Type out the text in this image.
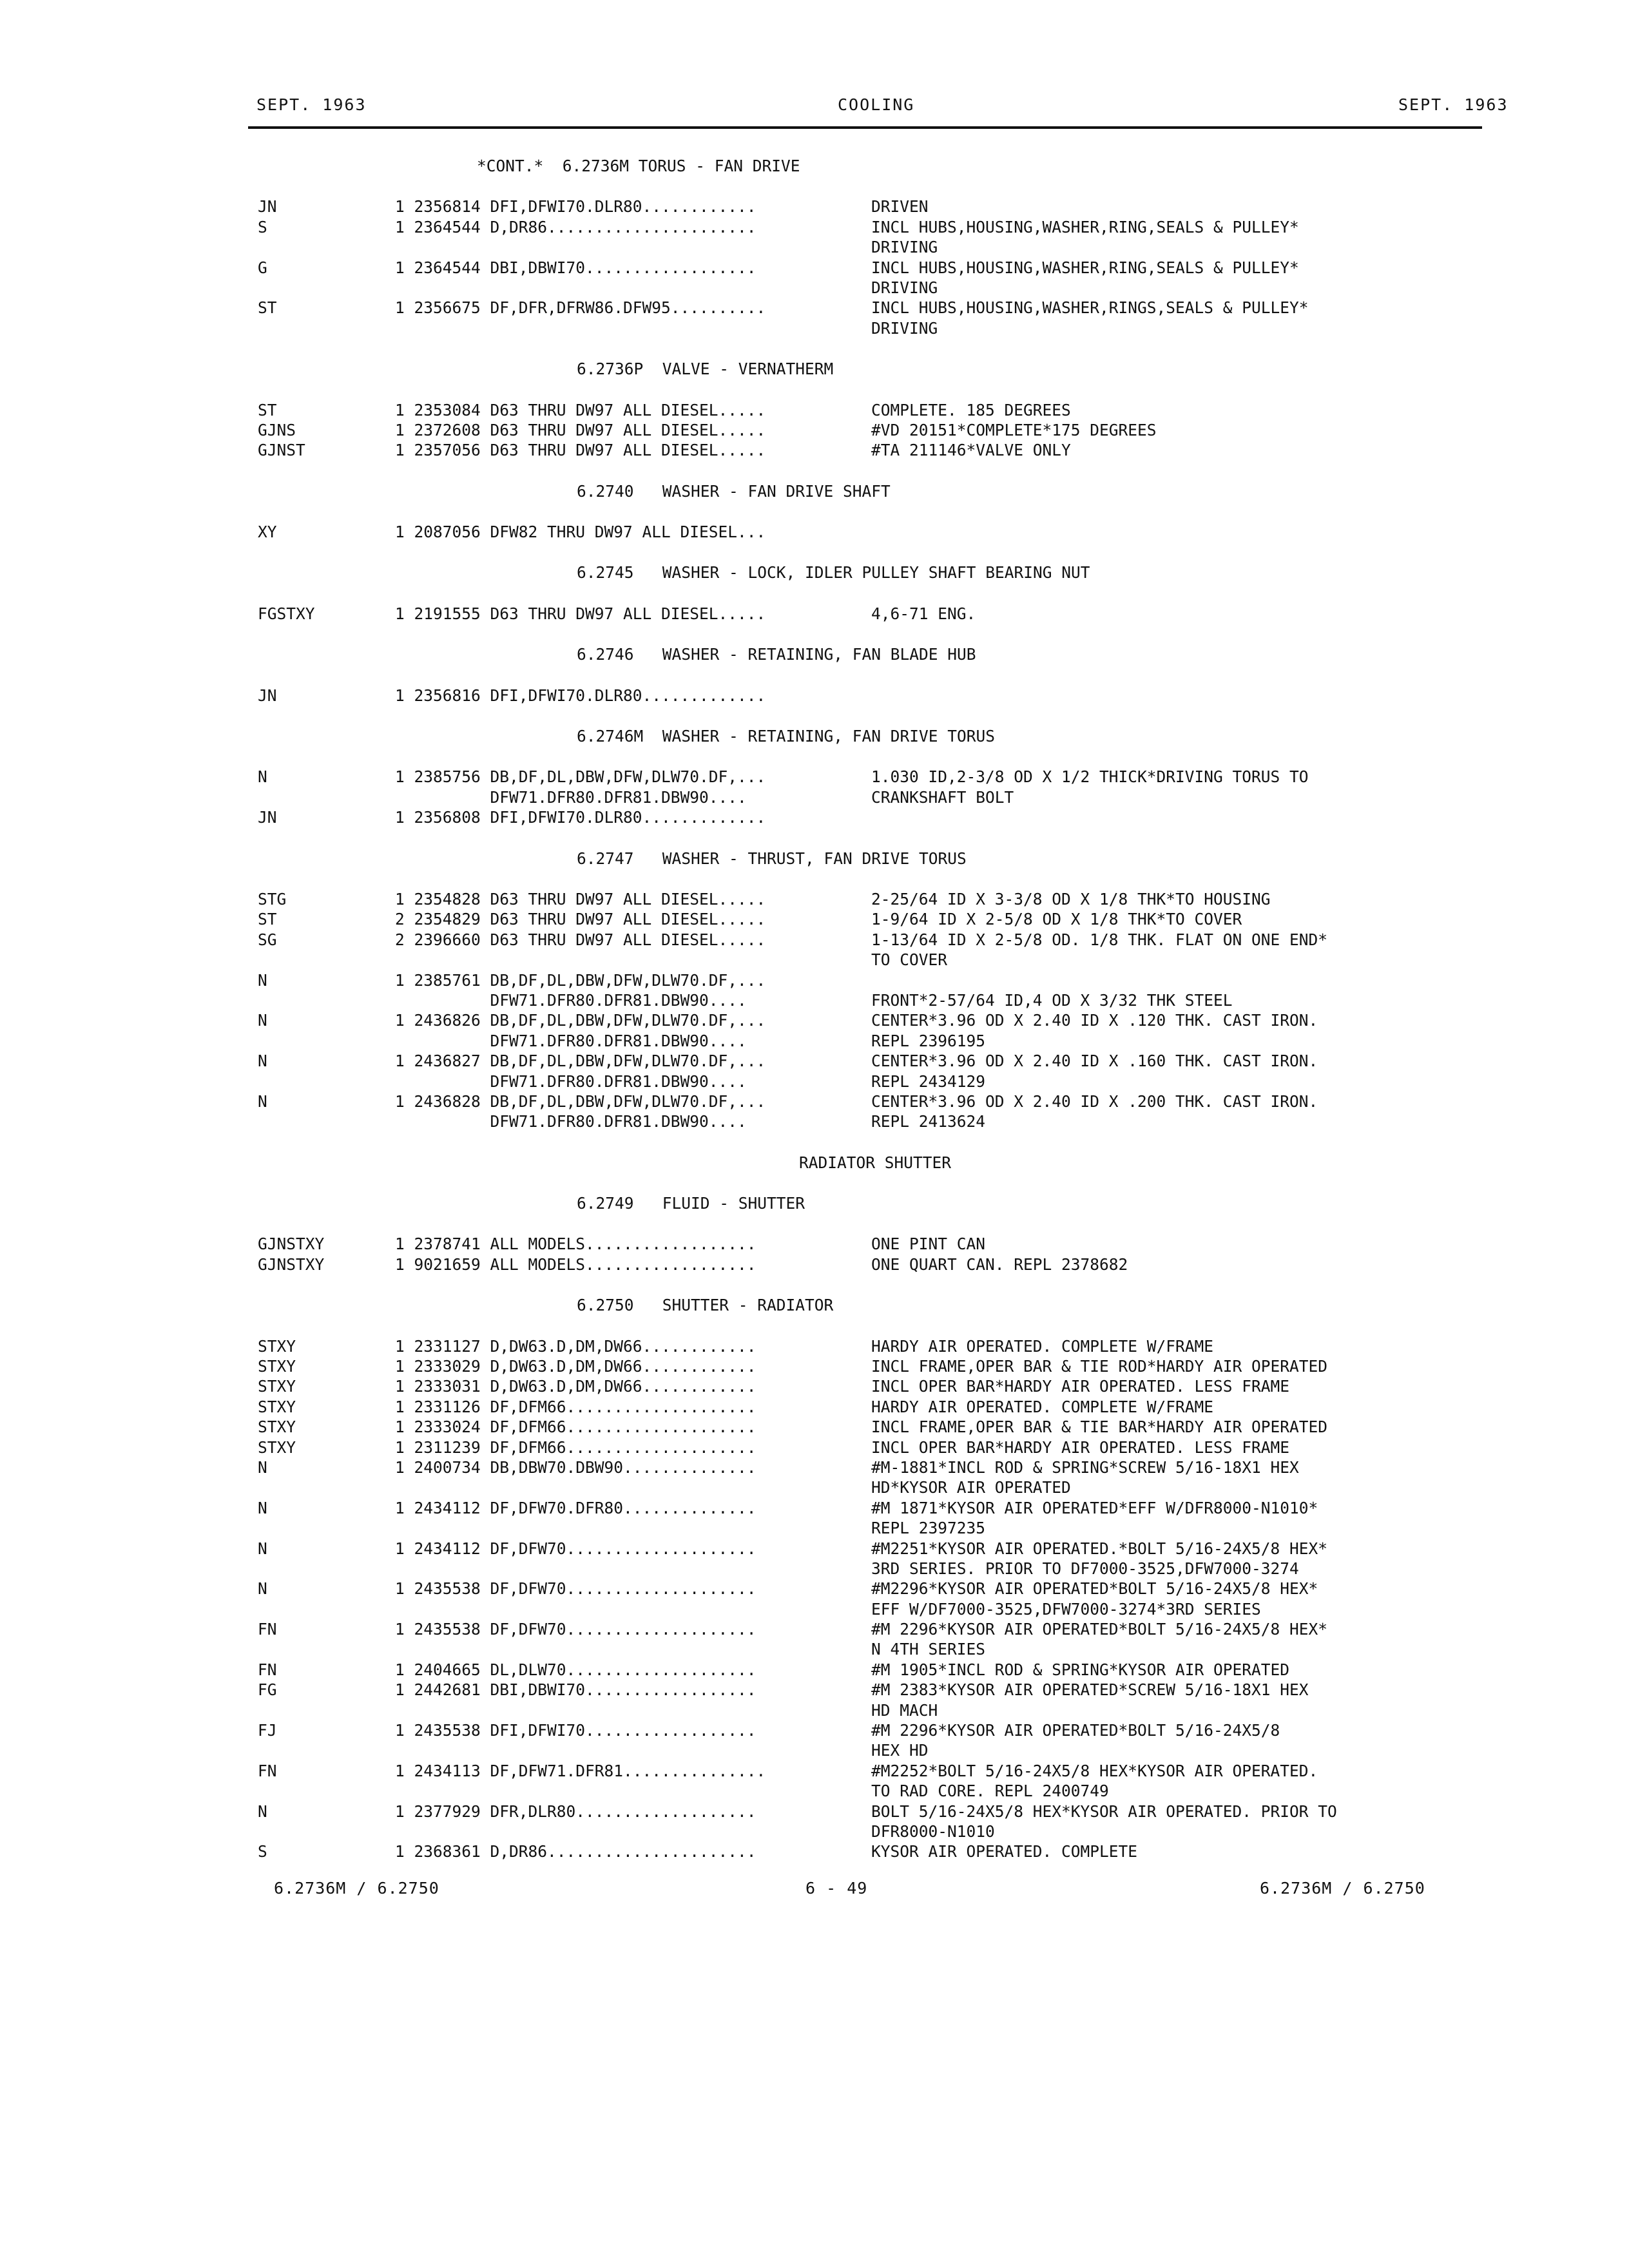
SEPT. 1963	COOLING	SEPT. 1963
*CONT.*  6.2736M TORUS - FAN DRIVE
JN	1 2356814 DFI,DFWI70.DLR80............	DRIVEN
S	1 2364544 D,DR86......................	INCL HUBS,HOUSING,WASHER,RING,SEALS & PULLEY*
DRIVING
G	1 2364544 DBI,DBWI70..................	INCL HUBS,HOUSING,WASHER,RING,SEALS & PULLEY*
DRIVING
ST	1 2356675 DF,DFR,DFRW86.DFW95..........	INCL HUBS,HOUSING,WASHER,RINGS,SEALS & PULLEY*
DRIVING
6.2736P  VALVE - VERNATHERM
ST	1 2353084 D63 THRU DW97 ALL DIESEL.....	COMPLETE. 185 DEGREES
GJNS	1 2372608 D63 THRU DW97 ALL DIESEL.....	#VD 20151*COMPLETE*175 DEGREES
GJNST	1 2357056 D63 THRU DW97 ALL DIESEL.....	#TA 211146*VALVE ONLY
6.2740   WASHER - FAN DRIVE SHAFT
XY	1 2087056 DFW82 THRU DW97 ALL DIESEL...
6.2745   WASHER - LOCK, IDLER PULLEY SHAFT BEARING NUT
FGSTXY	1 2191555 D63 THRU DW97 ALL DIESEL.....	4,6-71 ENG.
6.2746   WASHER - RETAINING, FAN BLADE HUB
JN	1 2356816 DFI,DFWI70.DLR80.............
6.2746M  WASHER - RETAINING, FAN DRIVE TORUS
N	1 2385756 DB,DF,DL,DBW,DFW,DLW70.DF,...	1.030 ID,2-3/8 OD X 1/2 THICK*DRIVING TORUS TO
DFW71.DFR80.DFR81.DBW90....	CRANKSHAFT BOLT
JN	1 2356808 DFI,DFWI70.DLR80.............
6.2747   WASHER - THRUST, FAN DRIVE TORUS
STG	1 2354828 D63 THRU DW97 ALL DIESEL.....	2-25/64 ID X 3-3/8 OD X 1/8 THK*TO HOUSING
ST	2 2354829 D63 THRU DW97 ALL DIESEL.....	1-9/64 ID X 2-5/8 OD X 1/8 THK*TO COVER
SG	2 2396660 D63 THRU DW97 ALL DIESEL.....	1-13/64 ID X 2-5/8 OD. 1/8 THK. FLAT ON ONE END*
TO COVER
N	1 2385761 DB,DF,DL,DBW,DFW,DLW70.DF,...
DFW71.DFR80.DFR81.DBW90....	FRONT*2-57/64 ID,4 OD X 3/32 THK STEEL
N	1 2436826 DB,DF,DL,DBW,DFW,DLW70.DF,...	CENTER*3.96 OD X 2.40 ID X .120 THK. CAST IRON.
DFW71.DFR80.DFR81.DBW90....	REPL 2396195
N	1 2436827 DB,DF,DL,DBW,DFW,DLW70.DF,...	CENTER*3.96 OD X 2.40 ID X .160 THK. CAST IRON.
DFW71.DFR80.DFR81.DBW90....	REPL 2434129
N	1 2436828 DB,DF,DL,DBW,DFW,DLW70.DF,...	CENTER*3.96 OD X 2.40 ID X .200 THK. CAST IRON.
DFW71.DFR80.DFR81.DBW90....	REPL 2413624
RADIATOR SHUTTER
6.2749   FLUID - SHUTTER
GJNSTXY	1 2378741 ALL MODELS..................	ONE PINT CAN
GJNSTXY	1 9021659 ALL MODELS..................	ONE QUART CAN. REPL 2378682
6.2750   SHUTTER - RADIATOR
STXY	1 2331127 D,DW63.D,DM,DW66............	HARDY AIR OPERATED. COMPLETE W/FRAME
STXY	1 2333029 D,DW63.D,DM,DW66............	INCL FRAME,OPER BAR & TIE ROD*HARDY AIR OPERATED
STXY	1 2333031 D,DW63.D,DM,DW66............	INCL OPER BAR*HARDY AIR OPERATED. LESS FRAME
STXY	1 2331126 DF,DFM66....................	HARDY AIR OPERATED. COMPLETE W/FRAME
STXY	1 2333024 DF,DFM66....................	INCL FRAME,OPER BAR & TIE BAR*HARDY AIR OPERATED
STXY	1 2311239 DF,DFM66....................	INCL OPER BAR*HARDY AIR OPERATED. LESS FRAME
N	1 2400734 DB,DBW70.DBW90..............	#M-1881*INCL ROD & SPRING*SCREW 5/16-18X1 HEX
HD*KYSOR AIR OPERATED
N	1 2434112 DF,DFW70.DFR80..............	#M 1871*KYSOR AIR OPERATED*EFF W/DFR8000-N1010*
REPL 2397235
N	1 2434112 DF,DFW70....................	#M2251*KYSOR AIR OPERATED.*BOLT 5/16-24X5/8 HEX*
3RD SERIES. PRIOR TO DF7000-3525,DFW7000-3274
N	1 2435538 DF,DFW70....................	#M2296*KYSOR AIR OPERATED*BOLT 5/16-24X5/8 HEX*
EFF W/DF7000-3525,DFW7000-3274*3RD SERIES
FN	1 2435538 DF,DFW70....................	#M 2296*KYSOR AIR OPERATED*BOLT 5/16-24X5/8 HEX*
N 4TH SERIES
FN	1 2404665 DL,DLW70....................	#M 1905*INCL ROD & SPRING*KYSOR AIR OPERATED
FG	1 2442681 DBI,DBWI70..................	#M 2383*KYSOR AIR OPERATED*SCREW 5/16-18X1 HEX
HD MACH
FJ	1 2435538 DFI,DFWI70..................	#M 2296*KYSOR AIR OPERATED*BOLT 5/16-24X5/8
HEX HD
FN	1 2434113 DF,DFW71.DFR81...............	#M2252*BOLT 5/16-24X5/8 HEX*KYSOR AIR OPERATED.
TO RAD CORE. REPL 2400749
N	1 2377929 DFR,DLR80...................	BOLT 5/16-24X5/8 HEX*KYSOR AIR OPERATED. PRIOR TO
DFR8000-N1010
S	1 2368361 D,DR86......................	KYSOR AIR OPERATED. COMPLETE
6.2736M / 6.2750	6 - 49	6.2736M / 6.2750
